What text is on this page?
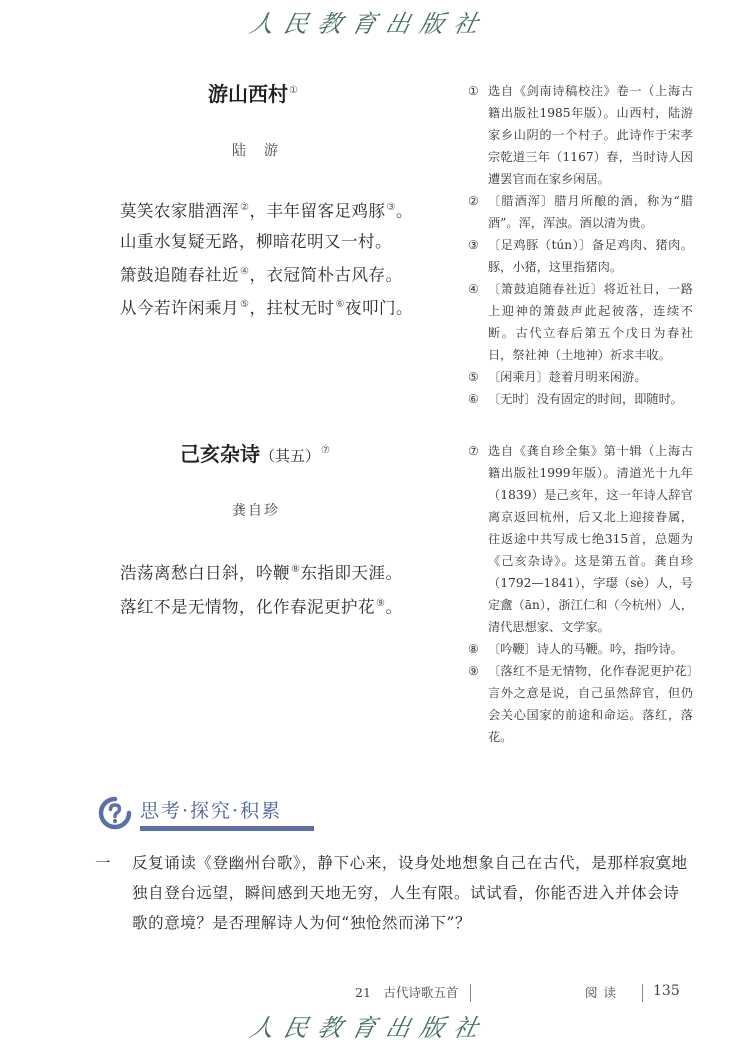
人民教育出版社
游山西村①
陆　游
莫笑农家腊酒浑②，丰年留客足鸡豚③。
山重水复疑无路，柳暗花明又一村。
箫鼓追随春社近④，衣冠简朴古风存。
从今若许闲乘月⑤，拄杖无时⑥夜叩门。
① 选自《剑南诗稿校注》卷一（上海古籍出版社1985年版）。山西村，陆游家乡山阴的一个村子。此诗作于宋孝宗乾道三年（1167）春，当时诗人因遭罢官而在家乡闲居。
② 〔腊酒浑〕腊月所酿的酒，称为“腊酒”。浑，浑浊。酒以清为贵。
③ 〔足鸡豚（tún）〕备足鸡肉、猪肉。豚，小猪，这里指猪肉。
④ 〔箫鼓追随春社近〕将近社日，一路上迎神的箫鼓声此起彼落，连续不断。古代立春后第五个戊日为春社日，祭社神（土地神）祈求丰收。
⑤ 〔闲乘月〕趁着月明来闲游。
⑥ 〔无时〕没有固定的时间，即随时。
己亥杂诗（其五）⑦
龚自珍
浩荡离愁白日斜，吟鞭⑧东指即天涯。
落红不是无情物，化作春泥更护花⑨。
⑦ 选自《龚自珍全集》第十辑（上海古籍出版社1999年版）。清道光十九年（1839）是己亥年，这一年诗人辞官离京返回杭州，后又北上迎接眷属，往返途中共写成七绝315首，总题为《己亥杂诗》。这是第五首。龚自珍（1792—1841），字璱（sè）人，号定盦（ān），浙江仁和（今杭州）人，清代思想家、文学家。
⑧ 〔吟鞭〕诗人的马鞭。吟，指吟诗。
⑨ 〔落红不是无情物，化作春泥更护花〕言外之意是说，自己虽然辞官，但仍会关心国家的前途和命运。落红，落花。
思考·探究·积累
一 反复诵读《登幽州台歌》，静下心来，设身处地想象自己在古代，是那样寂寞地独自登台远望，瞬间感到天地无穷，人生有限。试试看，你能否进入并体会诗歌的意境？是否理解诗人为何“独怆然而涕下”？
21　古代诗歌五首	阅读 135
人民教育出版社
